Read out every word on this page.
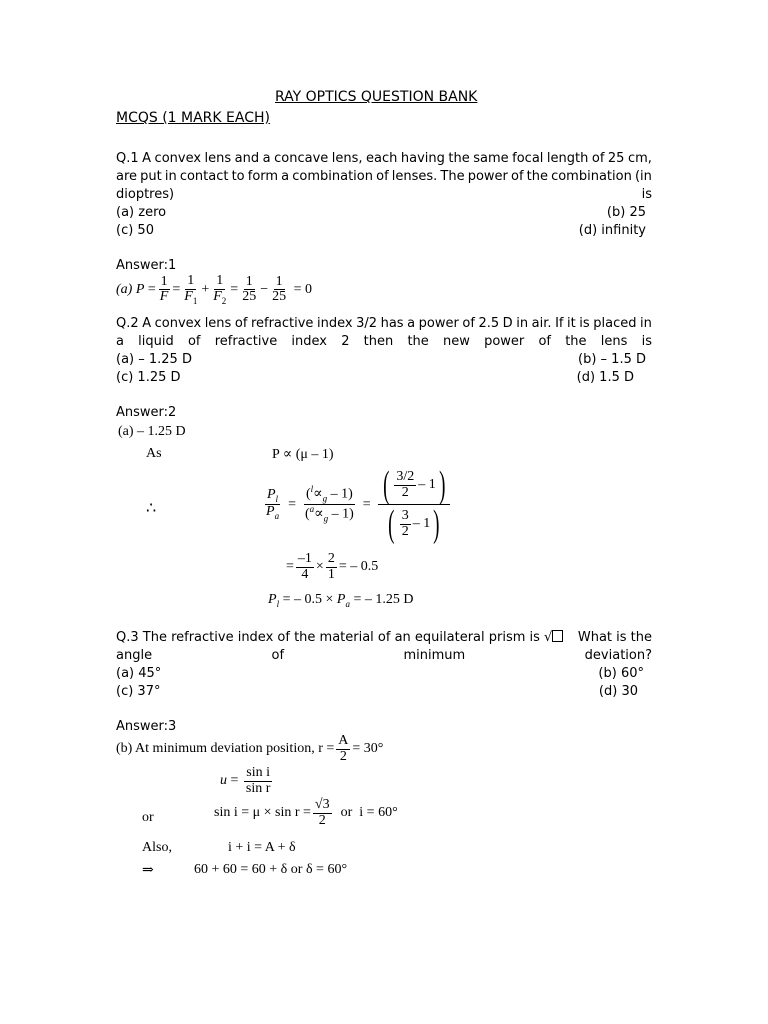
RAY OPTICS QUESTION BANK
MCQS (1 MARK EACH)
Q.1 A convex lens and a concave lens, each having the same focal length of 25 cm,
are put in contact to form a combination of lenses. The power of the combination (in
dioptres)	is
(a) zero	(b) 25
(c) 50	(d) infinity
Answer:1
(a)
P
= $\frac{1}{F} = \frac{1}{F_1} + \frac{1}{F_2} = \frac{1}{25} - \frac{1}{25}$
= 0
Q.2 A convex lens of refractive index 3/2 has a power of 2.5 D in air. If it is placed in
a liquid of refractive index 2 then the new power of the lens is
(a) – 1.25 D	(b) – 1.5 D
(c) 1.25 D	(d) 1.5 D
Answer:2
(a) – 1.25 D
As	P ∝ (μ – 1)
∴	$\frac{P_l}{P_a} = \frac{(^l\propto_g - 1)}{(^a\propto_g - 1)} = \frac{( \frac{3/2}{2} - 1 )}{( \frac{3}{2} - 1 )}$
= $\frac{-1}{4} \times \frac{2}{1}$ = – 0.5
$P_l$ = – $0.5 \times P_a$ = – 1.25 D
Q.3 The refractive index of the material of an equilateral prism is √ What is the
angle	of	minimum	deviation?
(a) 45°	(b) 60°
(c) 37°	(d) 30
Answer:3
(b) At minimum deviation position, $r = \frac{A}{2} = 30^\circ$
u
=
$\frac{\text{sin i}}{\text{sin r}}$
or	$\sin i = \mu \times \sin r = \frac{√3}{2}$
or
i = 60°
Also,	i + i = A + δ
⇒	60 + 60 = 60 + δ or δ = 60°
